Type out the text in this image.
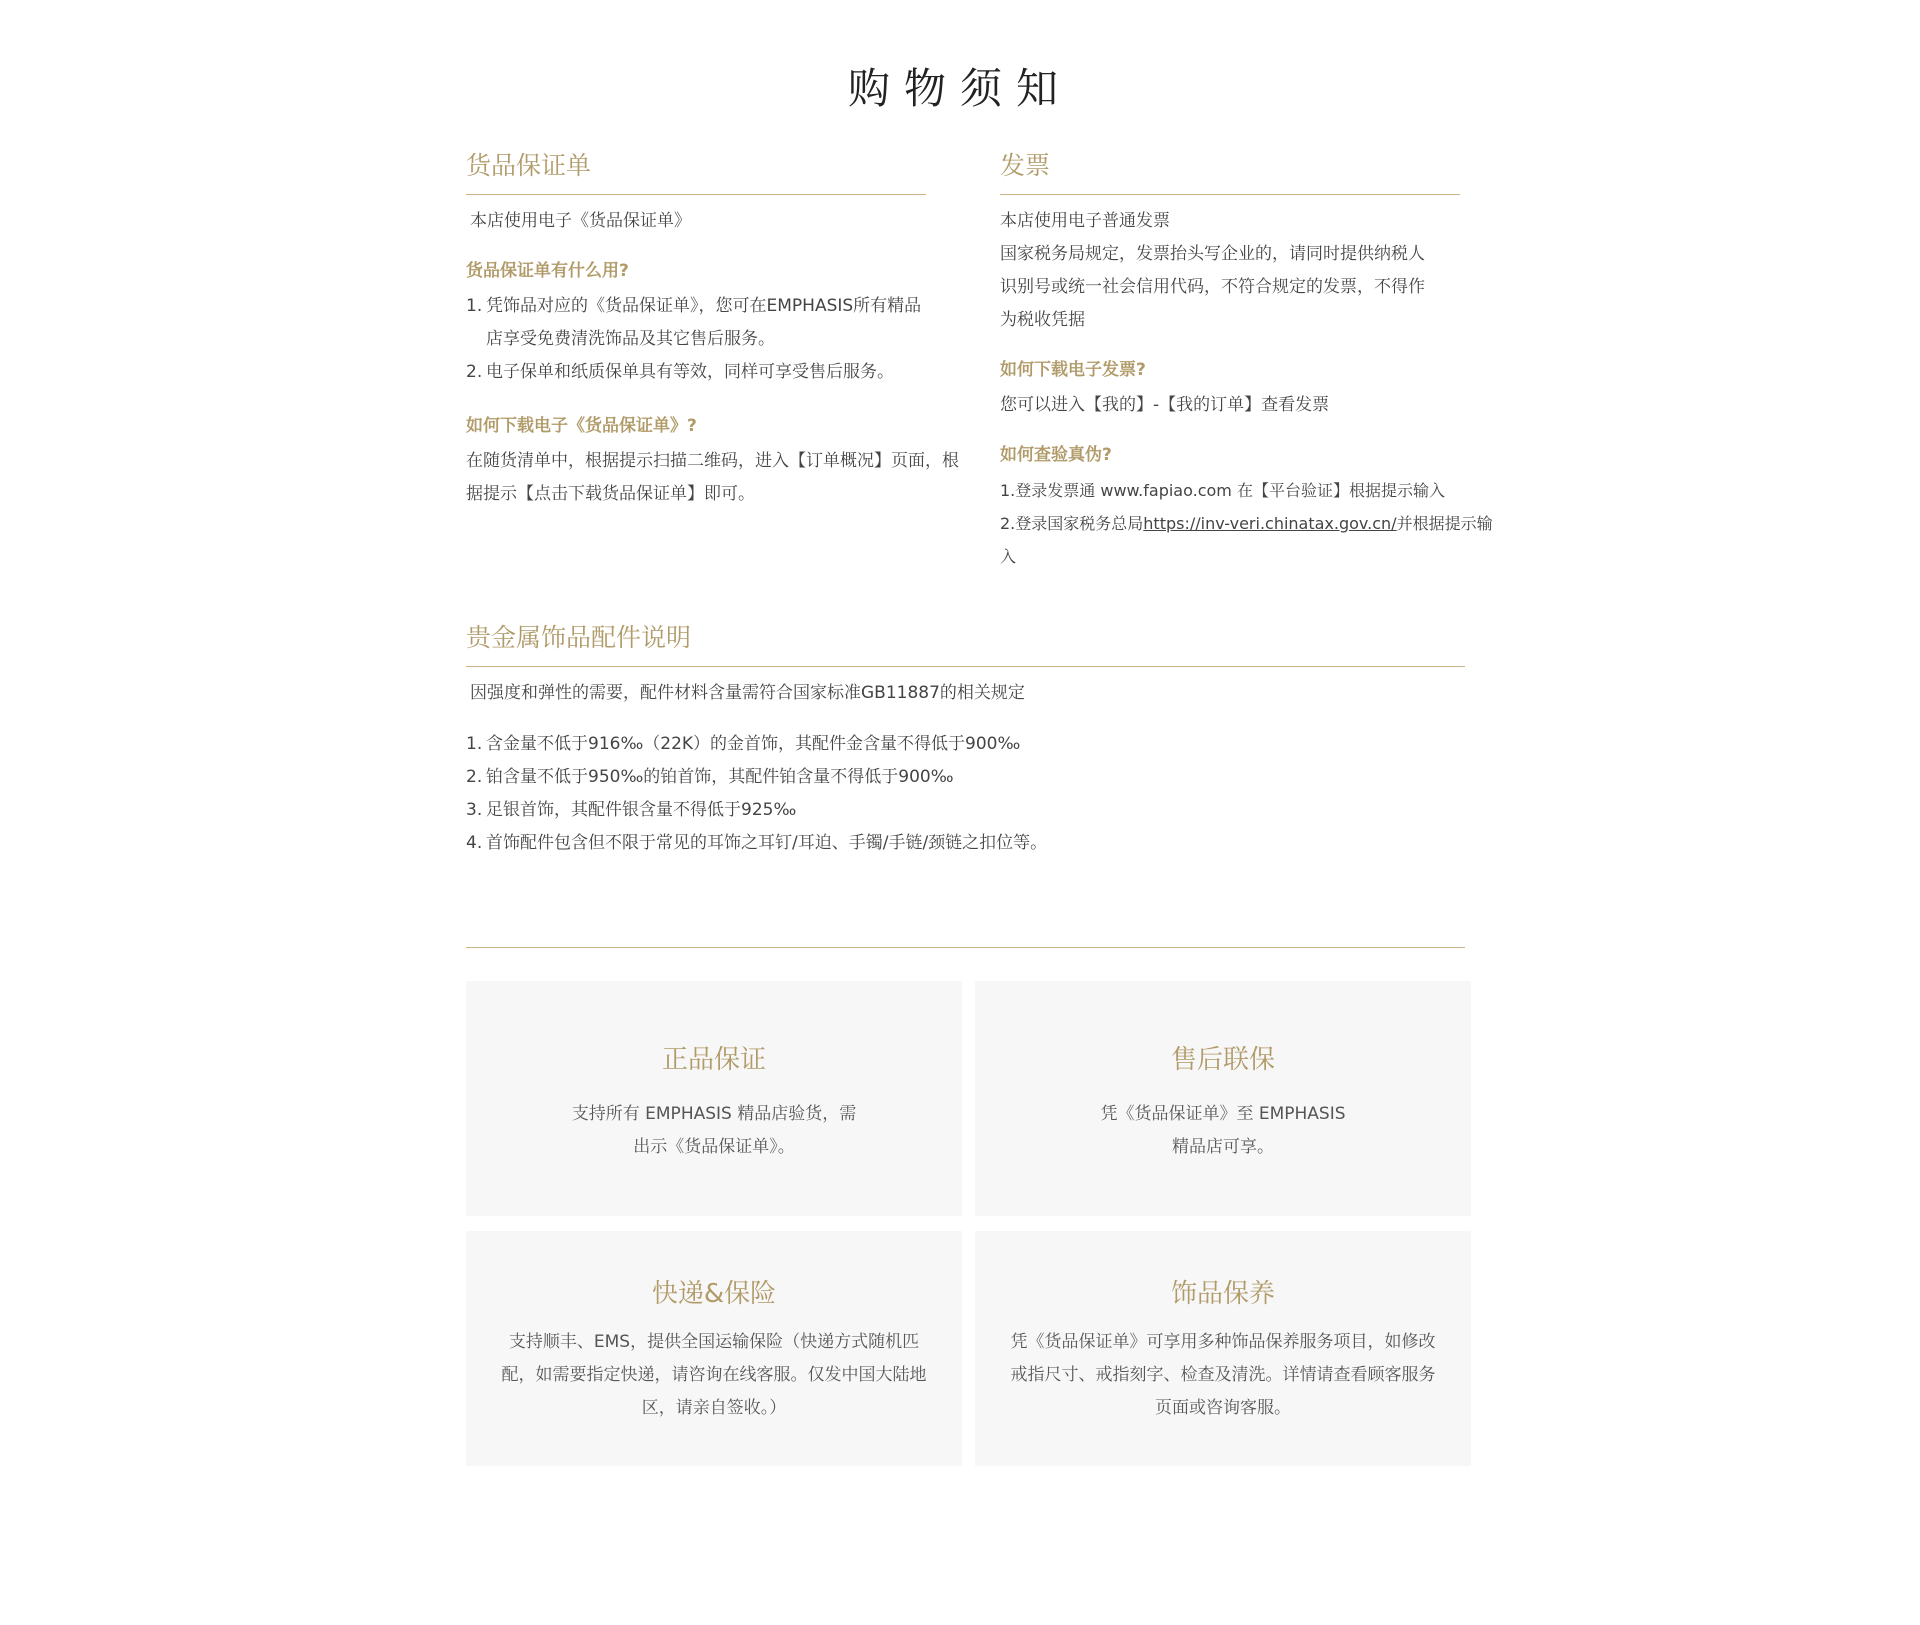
购物须知
货品保证单

本店使用电子《货品保证单》

货品保证单有什么用?

1. 凭饰品对应的《货品保证单》，您可在EMPHASIS所有精品店享受免费清洗饰品及其它售后服务。
2. 电子保单和纸质保单具有等效，同样可享受售后服务。

如何下载电子《货品保证单》?

在随货清单中，根据提示扫描二维码，进入【订单概况】页面，根据提示【点击下载货品保证单】即可。

发票

本店使用电子普通发票

国家税务局规定，发票抬头写企业的，请同时提供纳税人识别号或统一社会信用代码，不符合规定的发票，不得作为税收凭据

如何下载电子发票?

您可以进入【我的】-【我的订单】查看发票

如何查验真伪?

1.登录发票通 www.fapiao.com 在【平台验证】根据提示输入

2.登录国家税务总局https://inv-veri.chinatax.gov.cn/并根据提示输入

贵金属饰品配件说明

因强度和弹性的需要，配件材料含量需符合国家标准GB11887的相关规定

1. 含金量不低于916‰（22K）的金首饰，其配件金含量不得低于900‰
2. 铂含量不低于950‰的铂首饰，其配件铂含量不得低于900‰
3. 足银首饰，其配件银含量不得低于925‰
4. 首饰配件包含但不限于常见的耳饰之耳钉/耳迫、手镯/手链/颈链之扣位等。
正品保证

支持所有 EMPHASIS 精品店验货，需出示《货品保证单》。

售后联保

凭《货品保证单》至 EMPHASIS 精品店可享。

快递&保险

支持顺丰、EMS，提供全国运输保险（快递方式随机匹配，如需要指定快递，请咨询在线客服。仅发中国大陆地区，请亲自签收。）

饰品保养

凭《货品保证单》可享用多种饰品保养服务项目，如修改戒指尺寸、戒指刻字、检查及清洗。详情请查看顾客服务页面或咨询客服。
